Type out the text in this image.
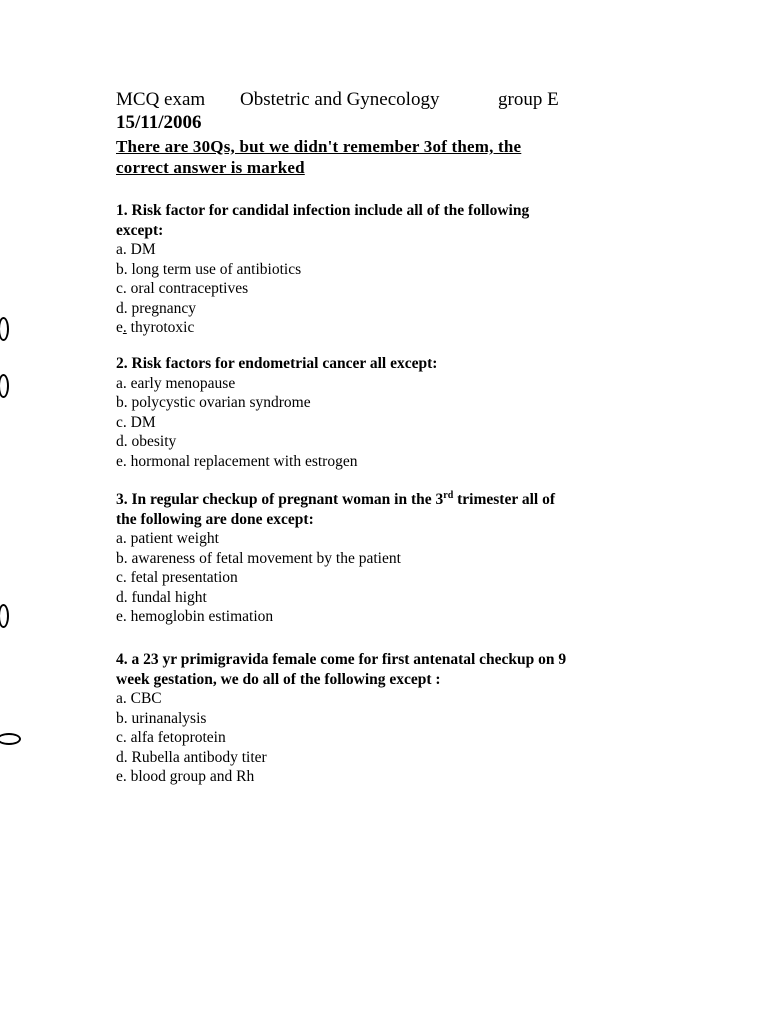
MCQ exam Obstetric and Gynecology	group E
15/11/2006
There are 30Qs, but we didn't remember 3of them, the
correct answer is marked
1. Risk factor for candidal infection include all of the following
except:
a. DM
b. long term use of antibiotics
c. oral contraceptives
d. pregnancy
e. thyrotoxic
2. Risk factors for endometrial cancer all except:
a. early menopause
b. polycystic ovarian syndrome
c. DM
d. obesity
e. hormonal replacement with estrogen
3. In regular checkup of pregnant woman in the 3rd trimester all of
the following are done except:
a. patient weight
b. awareness of fetal movement by the patient
c. fetal presentation
d. fundal hight
e. hemoglobin estimation
4. a 23 yr primigravida female come for first antenatal checkup on 9
week gestation, we do all of the following except :
a. CBC
b. urinanalysis
c. alfa fetoprotein
d. Rubella antibody titer
e. blood group and Rh
